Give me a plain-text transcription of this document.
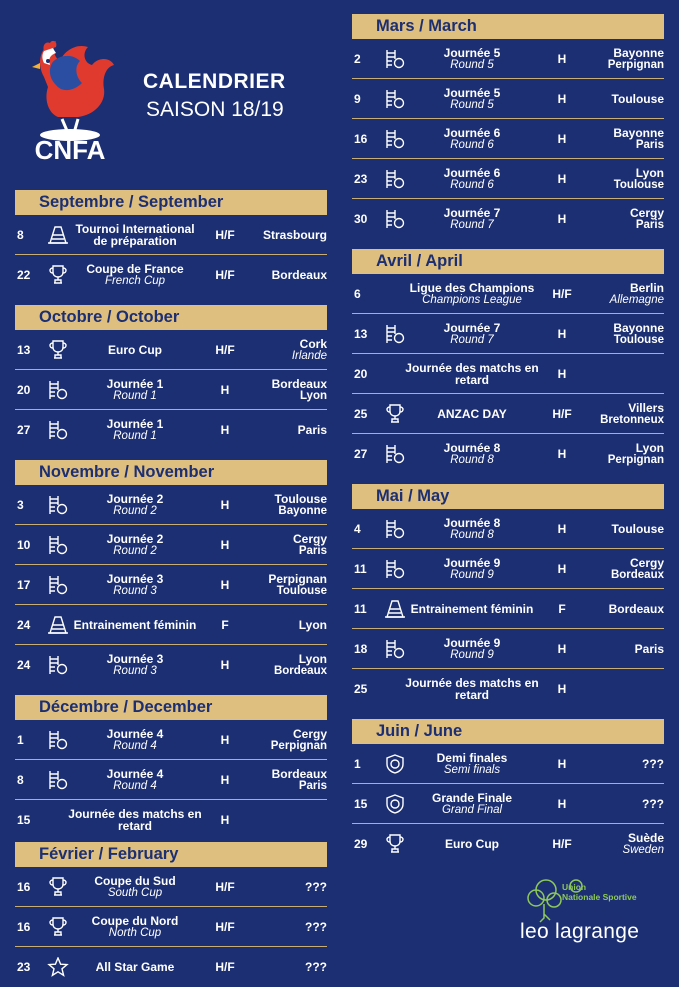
CNFA
CALENDRIER
SAISON 18/19
Septembre / September
8	Tournoi International de préparation	H/F	Strasbourg
22	Coupe de France
French Cup	H/F	Bordeaux
Octobre / October
13	Euro Cup	H/F	Cork
Irlande
20	Journée 1
Round 1	H	Bordeaux
Lyon
27	Journée 1
Round 1	H	Paris
Novembre / November
3	Journée 2
Round 2	H	Toulouse
Bayonne
10	Journée 2
Round 2	H	Cergy
Paris
17	Journée 3
Round 3	H	Perpignan
Toulouse
24	Entrainement féminin	F	Lyon
24	Journée 3
Round 3	H	Lyon
Bordeaux
Décembre / December
1	Journée 4
Round 4	H	Cergy
Perpignan
8	Journée 4
Round 4	H	Bordeaux
Paris
15	Journée des matchs en retard	H
Février / February
16	Coupe du Sud
South Cup	H/F	???
16	Coupe du Nord
North Cup	H/F	???
23	All Star Game	H/F	???
Mars / March
2	Journée 5
Round 5	H	Bayonne
Perpignan
9	Journée 5
Round 5	H	Toulouse
16	Journée 6
Round 6	H	Bayonne
Paris
23	Journée 6
Round 6	H	Lyon
Toulouse
30	Journée 7
Round 7	H	Cergy
Paris
Avril / April
6	Ligue des Champions
Champions League	H/F	Berlin
Allemagne
13	Journée 7
Round 7	H	Bayonne
Toulouse
20	Journée des matchs en retard	H
25	ANZAC DAY	H/F	Villers
Bretonneux
27	Journée 8
Round 8	H	Lyon
Perpignan
Mai / May
4	Journée 8
Round 8	H	Toulouse
11	Journée 9
Round 9	H	Cergy
Bordeaux
11	Entrainement féminin	F	Bordeaux
18	Journée 9
Round 9	H	Paris
25	Journée des matchs en retard	H
Juin / June
1	Demi finales
Semi finals	H	???
15	Grande Finale
Grand Final	H	???
29	Euro Cup	H/F	Suède
Sweden
Union
Nationale Sportive
leo lagrange
